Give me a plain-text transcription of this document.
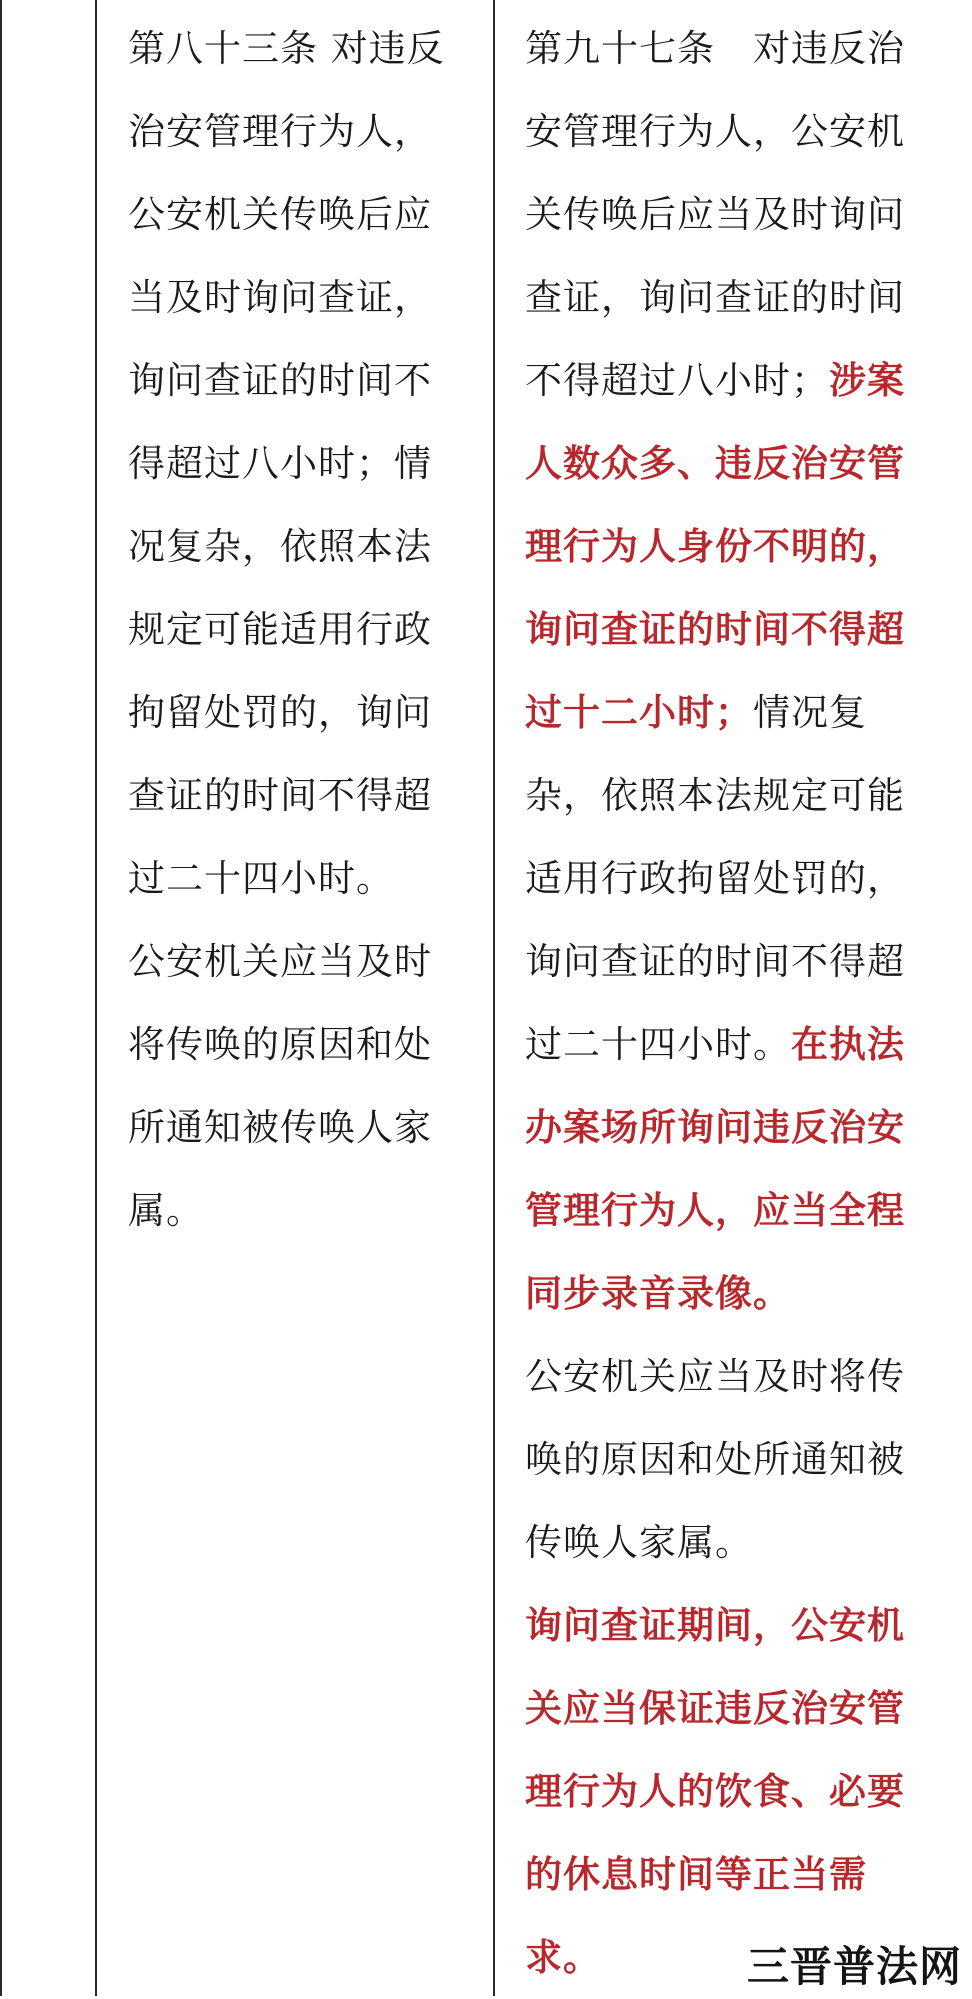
第八十三条 对违反治安管理行为人，公安机关传唤后应当及时询问查证，询问查证的时间不得超过八小时；情况复杂，依照本法规定可能适用行政拘留处罚的，询问查证的时间不得超过二十四小时。

公安机关应当及时将传唤的原因和处所通知被传唤人家属。

第九十七条　对违反治安管理行为人，公安机关传唤后应当及时询问查证，询问查证的时间不得超过八小时；涉案人数众多、违反治安管理行为人身份不明的，询问查证的时间不得超过十二小时；情况复杂，依照本法规定可能适用行政拘留处罚的，询问查证的时间不得超过二十四小时。在执法办案场所询问违反治安管理行为人，应当全程同步录音录像。

公安机关应当及时将传唤的原因和处所通知被传唤人家属。

询问查证期间，公安机关应当保证违反治安管理行为人的饮食、必要的休息时间等正当需求。	三晋普法网
